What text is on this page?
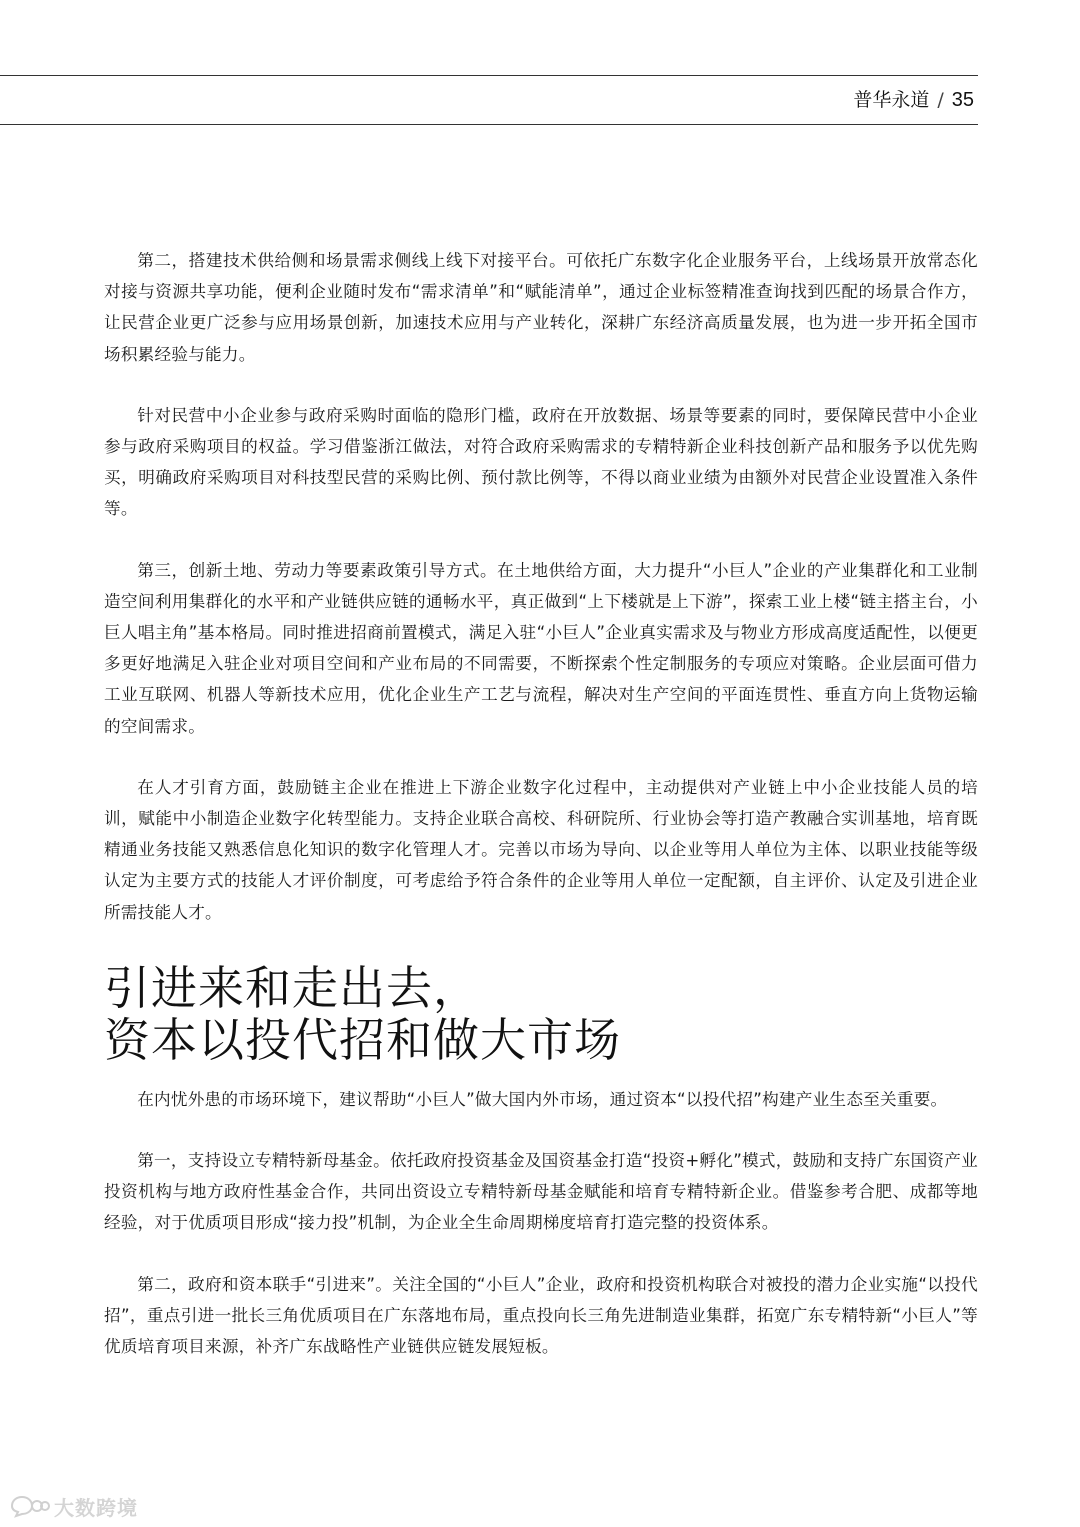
普华永道 / 35

第二，搭建技术供给侧和场景需求侧线上线下对接平台。可依托广东数字化企业服务平台，上线场景开放常态化对接与资源共享功能，便利企业随时发布“需求清单”和“赋能清单”，通过企业标签精准查询找到匹配的场景合作方，让民营企业更广泛参与应用场景创新，加速技术应用与产业转化，深耕广东经济高质量发展，也为进一步开拓全国市场积累经验与能力。

针对民营中小企业参与政府采购时面临的隐形门槛，政府在开放数据、场景等要素的同时，要保障民营中小企业参与政府采购项目的权益。学习借鉴浙江做法，对符合政府采购需求的专精特新企业科技创新产品和服务予以优先购买，明确政府采购项目对科技型民营的采购比例、预付款比例等，不得以商业业绩为由额外对民营企业设置准入条件等。

第三，创新土地、劳动力等要素政策引导方式。在土地供给方面，大力提升“小巨人”企业的产业集群化和工业制造空间利用集群化的水平和产业链供应链的通畅水平，真正做到“上下楼就是上下游”，探索工业上楼“链主搭主台，小巨人唱主角”基本格局。同时推进招商前置模式，满足入驻“小巨人”企业真实需求及与物业方形成高度适配性，以便更多更好地满足入驻企业对项目空间和产业布局的不同需要，不断探索个性定制服务的专项应对策略。企业层面可借力工业互联网、机器人等新技术应用，优化企业生产工艺与流程，解决对生产空间的平面连贯性、垂直方向上货物运输的空间需求。

在人才引育方面，鼓励链主企业在推进上下游企业数字化过程中，主动提供对产业链上中小企业技能人员的培训，赋能中小制造企业数字化转型能力。支持企业联合高校、科研院所、行业协会等打造产教融合实训基地，培育既精通业务技能又熟悉信息化知识的数字化管理人才。完善以市场为导向、以企业等用人单位为主体、以职业技能等级认定为主要方式的技能人才评价制度，可考虑给予符合条件的企业等用人单位一定配额，自主评价、认定及引进企业所需技能人才。

引进来和走出去，
资本以投代招和做大市场

在内忧外患的市场环境下，建议帮助“小巨人”做大国内外市场，通过资本“以投代招”构建产业生态至关重要。

第一，支持设立专精特新母基金。依托政府投资基金及国资基金打造“投资+孵化”模式，鼓励和支持广东国资产业投资机构与地方政府性基金合作，共同出资设立专精特新母基金赋能和培育专精特新企业。借鉴参考合肥、成都等地经验，对于优质项目形成“接力投”机制，为企业全生命周期梯度培育打造完整的投资体系。

第二，政府和资本联手“引进来”。关注全国的“小巨人”企业，政府和投资机构联合对被投的潜力企业实施“以投代招”，重点引进一批长三角优质项目在广东落地布局，重点投向长三角先进制造业集群，拓宽广东专精特新“小巨人”等优质培育项目来源，补齐广东战略性产业链供应链发展短板。

大数跨境
